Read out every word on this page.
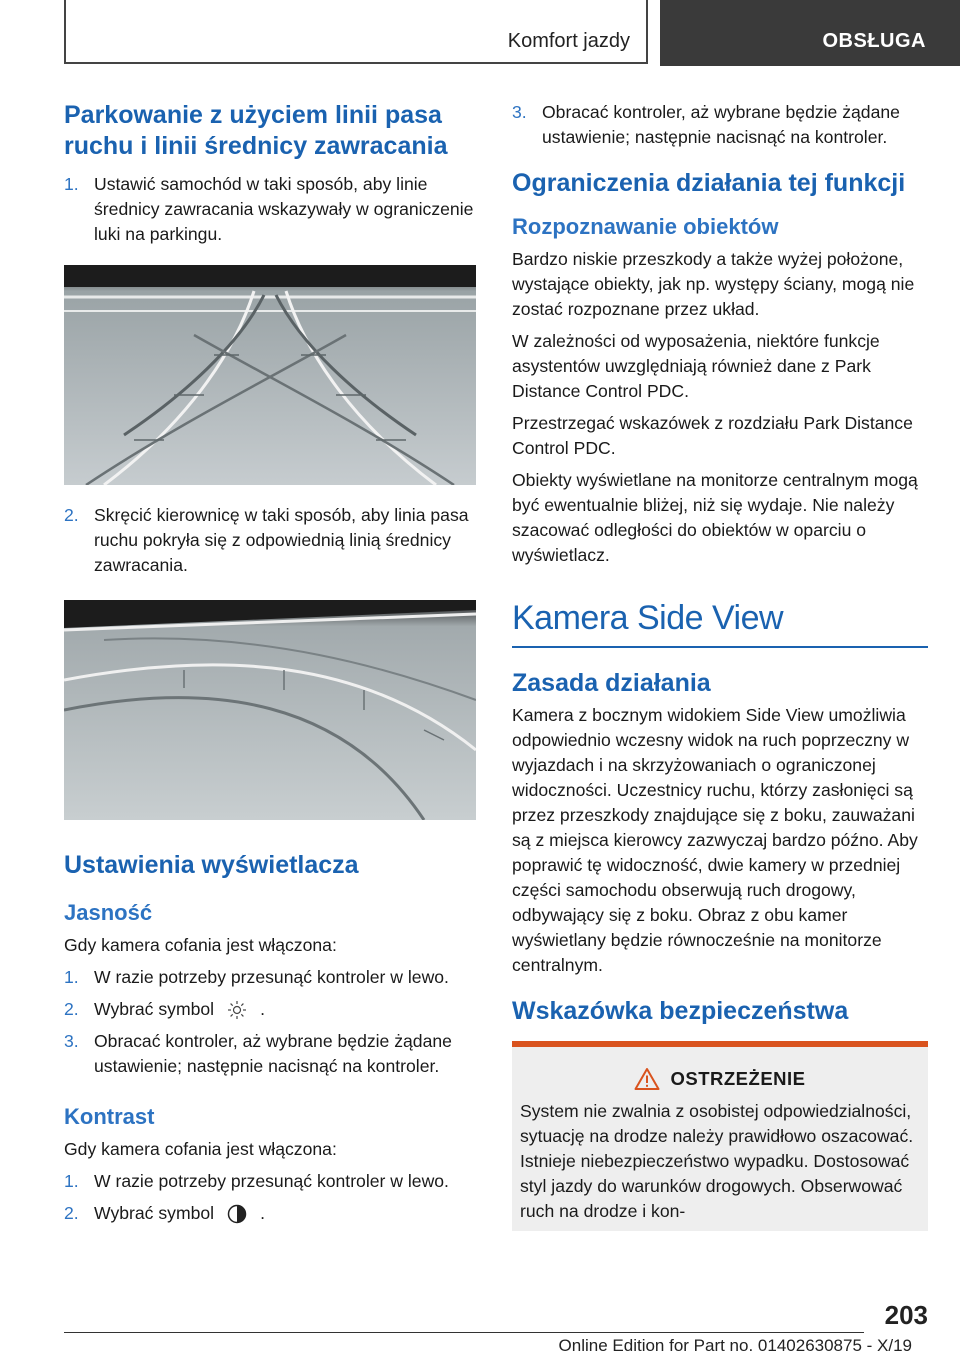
Komfort jazdy	OBSŁUGA
Parkowanie z użyciem linii pasa ruchu i linii średnicy zawracania
1. Ustawić samochód w taki sposób, aby linie średnicy zawracania wskazywały w ograniczenie luki na parkingu.
2. Skręcić kierownicę w taki sposób, aby linia pasa ruchu pokryła się z odpowiednią linią średnicy zawracania.
Ustawienia wyświetlacza
Jasność

Gdy kamera cofania jest włączona:

1. W razie potrzeby przesunąć kontroler w lewo.
2. Wybrać symbol	.
3. Obracać kontroler, aż wybrane będzie żądane ustawienie; następnie nacisnąć na kontroler.
Kontrast

Gdy kamera cofania jest włączona:

1. W razie potrzeby przesunąć kontroler w lewo.
2. Wybrać symbol	.
3. Obracać kontroler, aż wybrane będzie żądane ustawienie; następnie nacisnąć na kontroler.
Ograniczenia działania tej funkcji
Rozpoznawanie obiektów

Bardzo niskie przeszkody a także wyżej położone, wystające obiekty, jak np. występy ściany, mogą nie zostać rozpoznane przez układ.

W zależności od wyposażenia, niektóre funkcje asystentów uwzględniają również dane z Park Distance Control PDC.

Przestrzegać wskazówek z rozdziału Park Distance Control PDC.

Obiekty wyświetlane na monitorze centralnym mogą być ewentualnie bliżej, niż się wydaje. Nie należy szacować odległości do obiektów w oparciu o wyświetlacz.

Kamera Side View
Zasada działania

Kamera z bocznym widokiem Side View umożliwia odpowiednio wczesny widok na ruch poprzeczny w wyjazdach i na skrzyżowaniach o ograniczonej widoczności. Uczestnicy ruchu, którzy zasłonięci są przez przeszkody znajdujące się z boku, zauważani są z miejsca kierowcy zazwyczaj bardzo późno. Aby poprawić tę widoczność, dwie kamery w przedniej części samochodu obserwują ruch drogowy, odbywający się z boku. Obraz z obu kamer wyświetlany będzie równocześnie na monitorze centralnym.

Wskazówka bezpieczeństwa
OSTRZEŻENIE

System nie zwalnia z osobistej odpowiedzialności, sytuację na drodze należy prawidłowo oszacować. Istnieje niebezpieczeństwo wypadku. Dostosować styl jazdy do warunków drogowych. Obserwować ruch na drodze i kon-

203
Online Edition for Part no. 01402630875 - X/19
